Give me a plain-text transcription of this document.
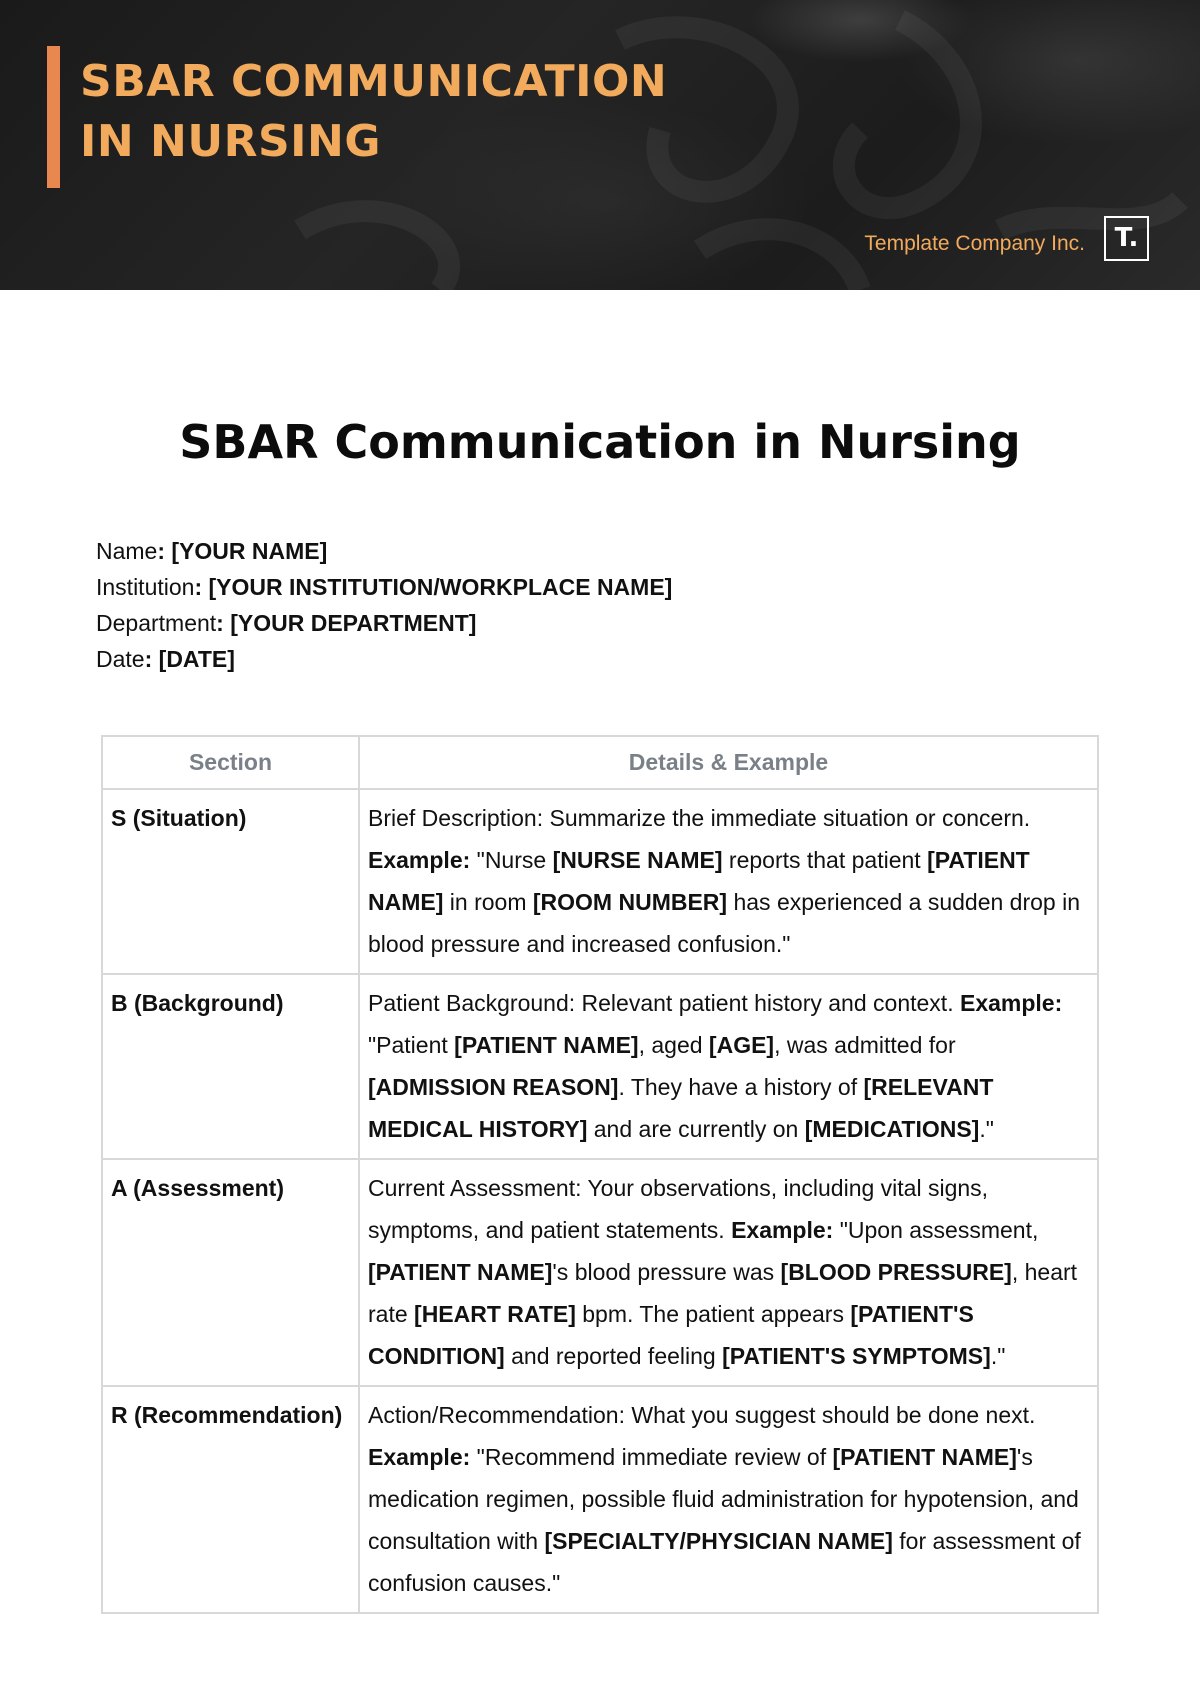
SBAR COMMUNICATION
IN NURSING
Template Company Inc.	T.
SBAR Communication in Nursing
Name: [YOUR NAME]
Institution: [YOUR INSTITUTION/WORKPLACE NAME]
Department: [YOUR DEPARTMENT]
Date: [DATE]
Section	Details & Example
S (Situation)	Brief Description: Summarize the immediate situation or concern. Example: "Nurse [NURSE NAME] reports that patient [PATIENT NAME] in room [ROOM NUMBER] has experienced a sudden drop in blood pressure and increased confusion."
B (Background)	Patient Background: Relevant patient history and context. Example: "Patient [PATIENT NAME], aged [AGE], was admitted for [ADMISSION REASON]. They have a history of [RELEVANT MEDICAL HISTORY] and are currently on [MEDICATIONS]."
A (Assessment)	Current Assessment: Your observations, including vital signs, symptoms, and patient statements. Example: "Upon assessment, [PATIENT NAME]'s blood pressure was [BLOOD PRESSURE], heart rate [HEART RATE] bpm. The patient appears [PATIENT'S CONDITION] and reported feeling [PATIENT'S SYMPTOMS]."
R (Recommendation)	Action/Recommendation: What you suggest should be done next. Example: "Recommend immediate review of [PATIENT NAME]'s medication regimen, possible fluid administration for hypotension, and consultation with [SPECIALTY/PHYSICIAN NAME] for assessment of confusion causes."
